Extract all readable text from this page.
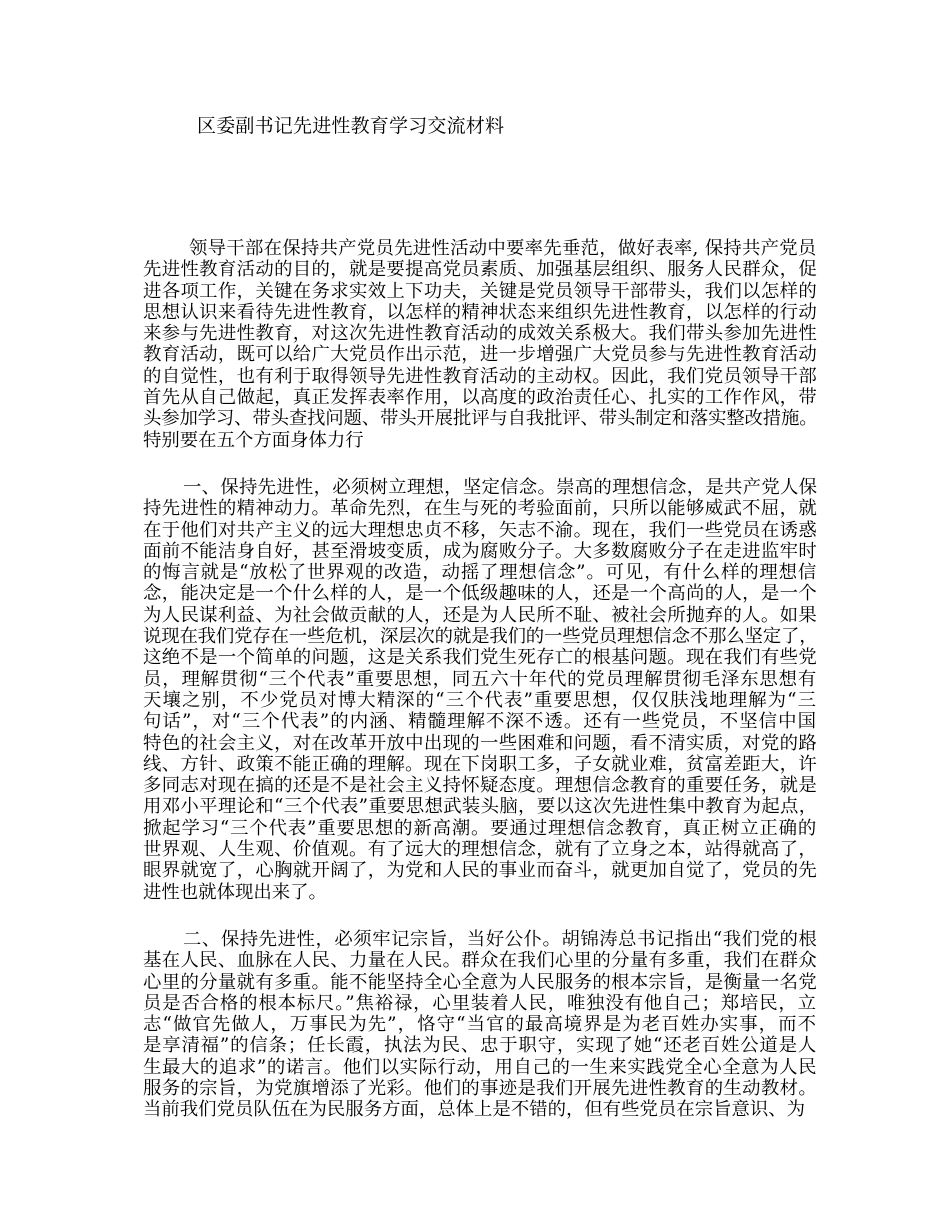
区委副书记先进性教育学习交流材料
领导干部在保持共产党员先进性活动中要率先垂范，做好表率, 保持共产党员
先进性教育活动的目的，就是要提高党员素质、加强基层组织、服务人民群众，促
进各项工作，关键在务求实效上下功夫，关键是党员领导干部带头，我们以怎样的
思想认识来看待先进性教育，以怎样的精神状态来组织先进性教育，以怎样的行动
来参与先进性教育，对这次先进性教育活动的成效关系极大。我们带头参加先进性
教育活动，既可以给广大党员作出示范，进一步增强广大党员参与先进性教育活动
的自觉性，也有利于取得领导先进性教育活动的主动权。因此，我们党员领导干部
首先从自己做起，真正发挥表率作用，以高度的政治责任心、扎实的工作作风，带
头参加学习、带头查找问题、带头开展批评与自我批评、带头制定和落实整改措施。
特别要在五个方面身体力行
一、保持先进性，必须树立理想，坚定信念。崇高的理想信念，是共产党人保
持先进性的精神动力。革命先烈，在生与死的考验面前，只所以能够威武不屈，就
在于他们对共产主义的远大理想忠贞不移，矢志不渝。现在，我们一些党员在诱惑
面前不能洁身自好，甚至滑坡变质，成为腐败分子。大多数腐败分子在走进监牢时
的悔言就是“放松了世界观的改造，动摇了理想信念”。可见，有什么样的理想信
念，能决定是一个什么样的人，是一个低级趣味的人，还是一个高尚的人，是一个
为人民谋利益、为社会做贡献的人，还是为人民所不耻、被社会所抛弃的人。如果
说现在我们党存在一些危机，深层次的就是我们的一些党员理想信念不那么坚定了，
这绝不是一个简单的问题，这是关系我们党生死存亡的根基问题。现在我们有些党
员，理解贯彻“三个代表”重要思想，同五六十年代的党员理解贯彻毛泽东思想有
天壤之别，不少党员对博大精深的“三个代表”重要思想，仅仅肤浅地理解为“三
句话”，对“三个代表”的内涵、精髓理解不深不透。还有一些党员，不坚信中国
特色的社会主义，对在改革开放中出现的一些困难和问题，看不清实质，对党的路
线、方针、政策不能正确的理解。现在下岗职工多，子女就业难，贫富差距大，许
多同志对现在搞的还是不是社会主义持怀疑态度。理想信念教育的重要任务，就是
用邓小平理论和“三个代表”重要思想武装头脑，要以这次先进性集中教育为起点，
掀起学习“三个代表”重要思想的新高潮。要通过理想信念教育，真正树立正确的
世界观、人生观、价值观。有了远大的理想信念，就有了立身之本，站得就高了，
眼界就宽了，心胸就开阔了，为党和人民的事业而奋斗，就更加自觉了，党员的先
进性也就体现出来了。
二、保持先进性，必须牢记宗旨，当好公仆。胡锦涛总书记指出“我们党的根
基在人民、血脉在人民、力量在人民。群众在我们心里的分量有多重，我们在群众
心里的分量就有多重。能不能坚持全心全意为人民服务的根本宗旨，是衡量一名党
员是否合格的根本标尺。”焦裕禄，心里装着人民，唯独没有他自己；郑培民，立
志“做官先做人，万事民为先”，恪守“当官的最高境界是为老百姓办实事，而不
是享清福”的信条；任长霞，执法为民、忠于职守，实现了她“还老百姓公道是人
生最大的追求”的诺言。他们以实际行动，用自己的一生来实践党全心全意为人民
服务的宗旨，为党旗增添了光彩。他们的事迹是我们开展先进性教育的生动教材。
当前我们党员队伍在为民服务方面，总体上是不错的，但有些党员在宗旨意识、为
